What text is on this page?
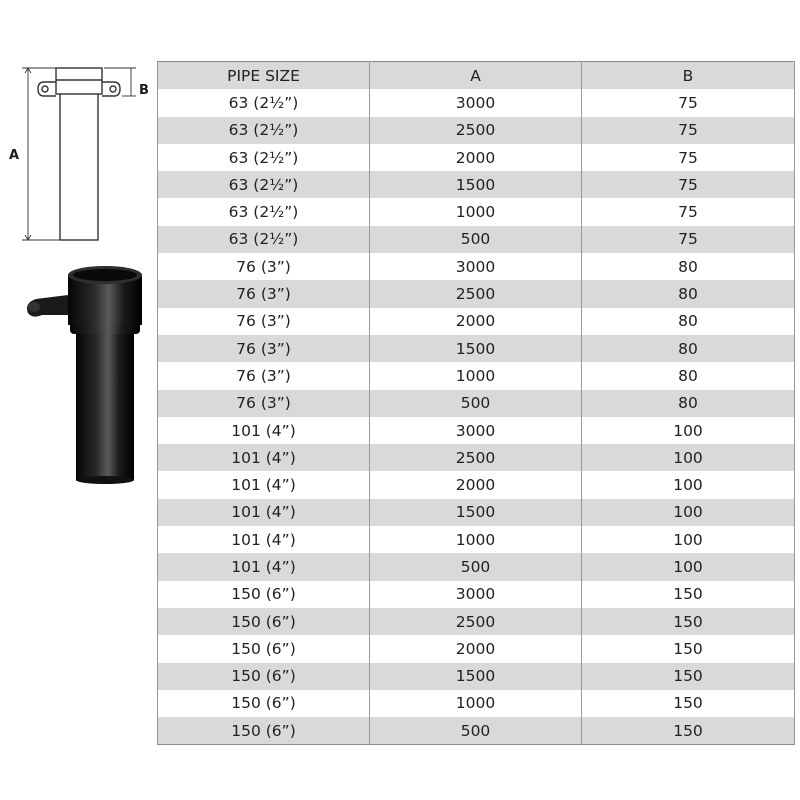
A
B
PIPE SIZE	A	B
63 (2½”)	3000	75
63 (2½”)	2500	75
63 (2½”)	2000	75
63 (2½”)	1500	75
63 (2½”)	1000	75
63 (2½”)	500	75
76 (3”)	3000	80
76 (3”)	2500	80
76 (3”)	2000	80
76 (3”)	1500	80
76 (3”)	1000	80
76 (3”)	500	80
101 (4”)	3000	100
101 (4”)	2500	100
101 (4”)	2000	100
101 (4”)	1500	100
101 (4”)	1000	100
101 (4”)	500	100
150 (6”)	3000	150
150 (6”)	2500	150
150 (6”)	2000	150
150 (6”)	1500	150
150 (6”)	1000	150
150 (6”)	500	150
